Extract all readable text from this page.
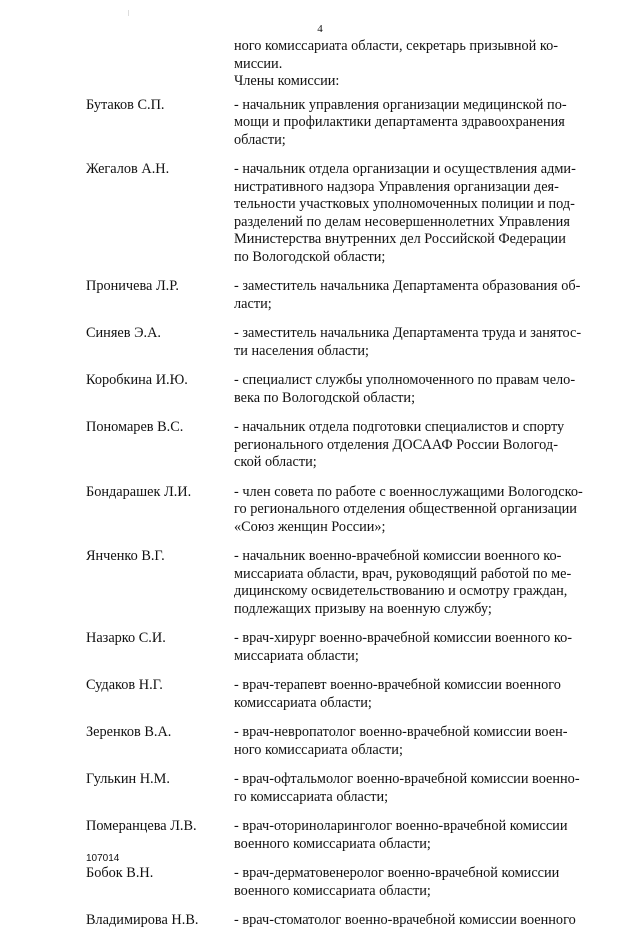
4
ного комиссариата области, секретарь призывной ко-
миссии.
Члены комиссии:
Бутаков С.П.	- начальник управления организации медицинской по-
мощи и профилактики департамента здравоохранения
области;
Жегалов А.Н.	- начальник отдела организации и осуществления адми-
нистративного надзора Управления организации дея-
тельности участковых уполномоченных полиции и под-
разделений по делам несовершеннолетних Управления
Министерства внутренних дел Российской Федерации
по Вологодской области;
Проничева Л.Р.	- заместитель начальника Департамента образования об-
ласти;
Синяев Э.А.	- заместитель начальника Департамента труда и занятос-
ти населения области;
Коробкина И.Ю.	- специалист службы уполномоченного по правам чело-
века по Вологодской области;
Пономарев В.С.	- начальник отдела подготовки специалистов и спорту
регионального отделения ДОСААФ России Вологод-
ской области;
Бондарашек Л.И.	- член совета по работе с военнослужащими Вологодско-
го регионального отделения общественной организации
«Союз женщин России»;
Янченко В.Г.	- начальник военно-врачебной комиссии военного ко-
миссариата области, врач, руководящий работой по ме-
дицинскому освидетельствованию и осмотру граждан,
подлежащих призыву на военную службу;
Назарко С.И.	- врач-хирург военно-врачебной комиссии военного ко-
миссариата области;
Судаков Н.Г.	- врач-терапевт военно-врачебной комиссии военного
комиссариата области;
Зеренков В.А.	- врач-невропатолог военно-врачебной комиссии воен-
ного комиссариата области;
Гулькин Н.М.	- врач-офтальмолог военно-врачебной комиссии военно-
го комиссариата области;
Померанцева Л.В.	- врач-оториноларинголог военно-врачебной комиссии
военного комиссариата области;
Бобок В.Н.	- врач-дерматовенеролог военно-врачебной комиссии
военного комиссариата области;
Владимирова Н.В.	- врач-стоматолог военно-врачебной комиссии военного
107014
